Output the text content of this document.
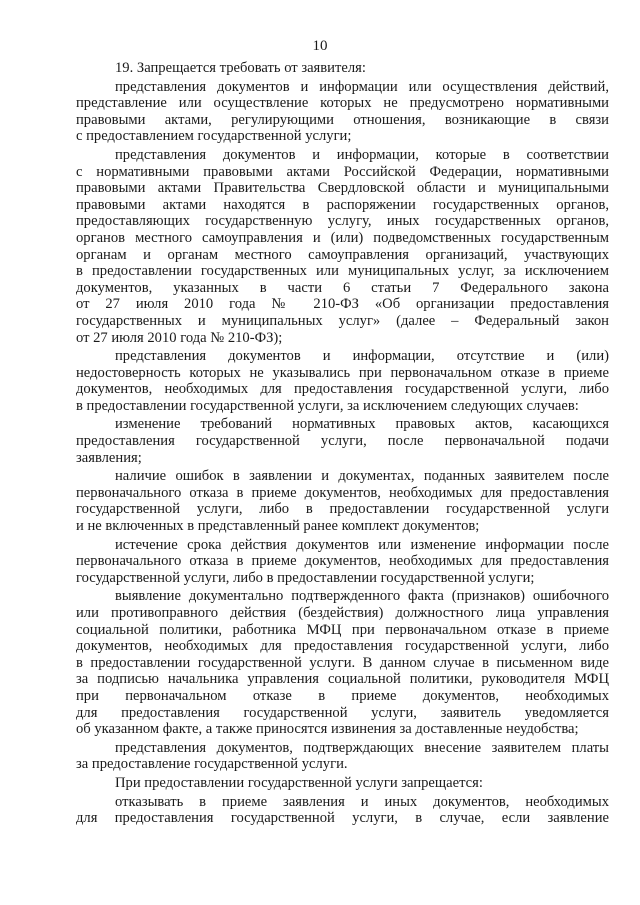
10
19. Запрещается требовать от заявителя:
представления документов и информации или осуществления действий,
представление или осуществление которых не предусмотрено нормативными
правовыми актами, регулирующими отношения, возникающие в связи
с предоставлением государственной услуги;
представления документов и информации, которые в соответствии
с нормативными правовыми актами Российской Федерации, нормативными
правовыми актами Правительства Свердловской области и муниципальными
правовыми актами находятся в распоряжении государственных органов,
предоставляющих государственную услугу, иных государственных органов,
органов местного самоуправления и (или) подведомственных государственным
органам и органам местного самоуправления организаций, участвующих
в предоставлении государственных или муниципальных услуг, за исключением
документов, указанных в части 6 статьи 7 Федерального закона
от 27 июля 2010 года № 210-ФЗ «Об организации предоставления
государственных и муниципальных услуг» (далее – Федеральный закон
от 27 июля 2010 года № 210-ФЗ);
представления документов и информации, отсутствие и (или)
недостоверность которых не указывались при первоначальном отказе в приеме
документов, необходимых для предоставления государственной услуги, либо
в предоставлении государственной услуги, за исключением следующих случаев:
изменение требований нормативных правовых актов, касающихся
предоставления государственной услуги, после первоначальной подачи
заявления;
наличие ошибок в заявлении и документах, поданных заявителем после
первоначального отказа в приеме документов, необходимых для предоставления
государственной услуги, либо в предоставлении государственной услуги
и не включенных в представленный ранее комплект документов;
истечение срока действия документов или изменение информации после
первоначального отказа в приеме документов, необходимых для предоставления
государственной услуги, либо в предоставлении государственной услуги;
выявление документально подтвержденного факта (признаков) ошибочного
или противоправного действия (бездействия) должностного лица управления
социальной политики, работника МФЦ при первоначальном отказе в приеме
документов, необходимых для предоставления государственной услуги, либо
в предоставлении государственной услуги. В данном случае в письменном виде
за подписью начальника управления социальной политики, руководителя МФЦ
при первоначальном отказе в приеме документов, необходимых
для предоставления государственной услуги, заявитель уведомляется
об указанном факте, а также приносятся извинения за доставленные неудобства;
представления документов, подтверждающих внесение заявителем платы
за предоставление государственной услуги.
При предоставлении государственной услуги запрещается:
отказывать в приеме заявления и иных документов, необходимых
для предоставления государственной услуги, в случае, если заявление
